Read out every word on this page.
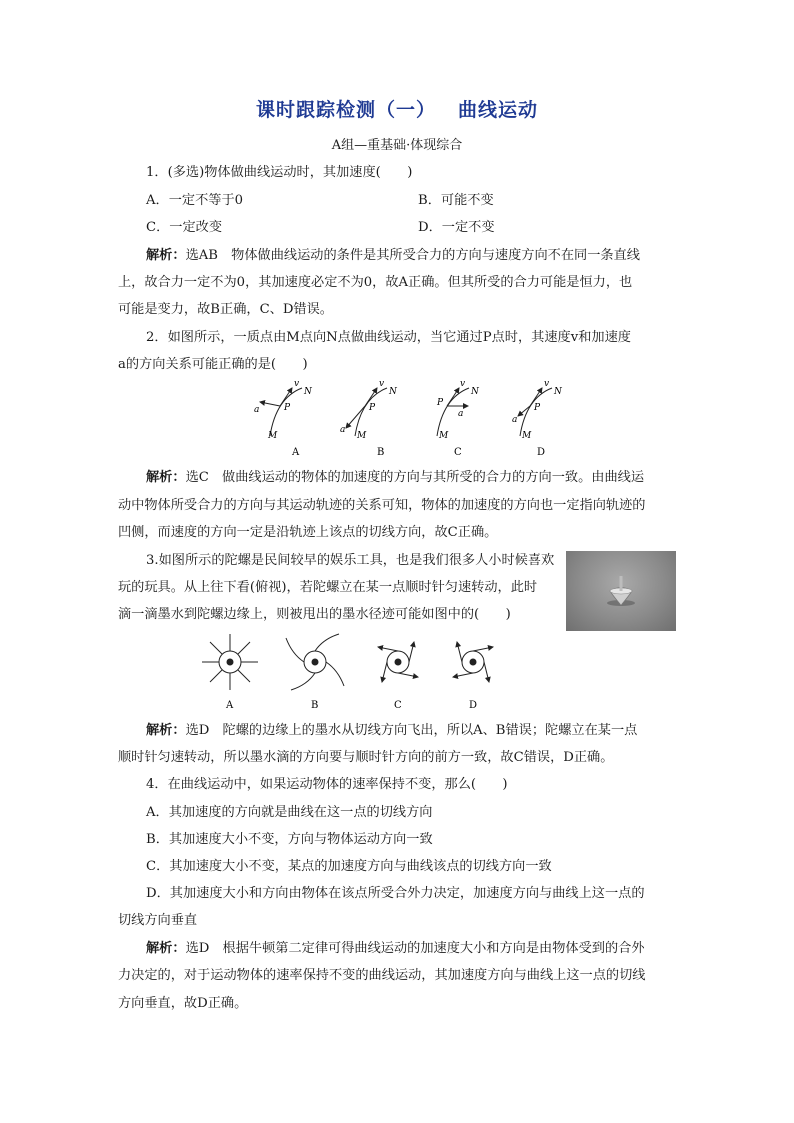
课时跟踪检测（一） 曲线运动
A组—重基础·体现综合
1．(多选)物体做曲线运动时，其加速度(　　)
A．一定不等于0	B．可能不变
C．一定改变	D．一定不变
解析：选AB　物体做曲线运动的条件是其所受合力的方向与速度方向不在同一条直线
上，故合力一定不为0，其加速度必定不为0，故A正确。但其所受的合力可能是恒力，也
可能是变力，故B正确，C、D错误。
2．如图所示，一质点由M点向N点做曲线运动，当它通过P点时，其速度v和加速度
a的方向关系可能正确的是(　　)
a	P
v
N
M
A
a
P
v
N
M
B
a
P
v
N
M
C
a
P
v
N
M
D
解析：选C　做曲线运动的物体的加速度的方向与其所受的合力的方向一致。由曲线运
动中物体所受合力的方向与其运动轨迹的关系可知，物体的加速度的方向也一定指向轨迹的
凹侧，而速度的方向一定是沿轨迹上该点的切线方向，故C正确。
3.如图所示的陀螺是民间较早的娱乐工具，也是我们很多人小时候喜欢
玩的玩具。从上往下看(俯视)，若陀螺立在某一点顺时针匀速转动，此时
滴一滴墨水到陀螺边缘上，则被甩出的墨水径迹可能如图中的(　　)
A	B	C	D
解析：选D　陀螺的边缘上的墨水从切线方向飞出，所以A、B错误；陀螺立在某一点
顺时针匀速转动，所以墨水滴的方向要与顺时针方向的前方一致，故C错误，D正确。
4．在曲线运动中，如果运动物体的速率保持不变，那么(　　)
A．其加速度的方向就是曲线在这一点的切线方向
B．其加速度大小不变，方向与物体运动方向一致
C．其加速度大小不变，某点的加速度方向与曲线该点的切线方向一致
D．其加速度大小和方向由物体在该点所受合外力决定，加速度方向与曲线上这一点的
切线方向垂直
解析：选D　根据牛顿第二定律可得曲线运动的加速度大小和方向是由物体受到的合外
力决定的，对于运动物体的速率保持不变的曲线运动，其加速度方向与曲线上这一点的切线
方向垂直，故D正确。
